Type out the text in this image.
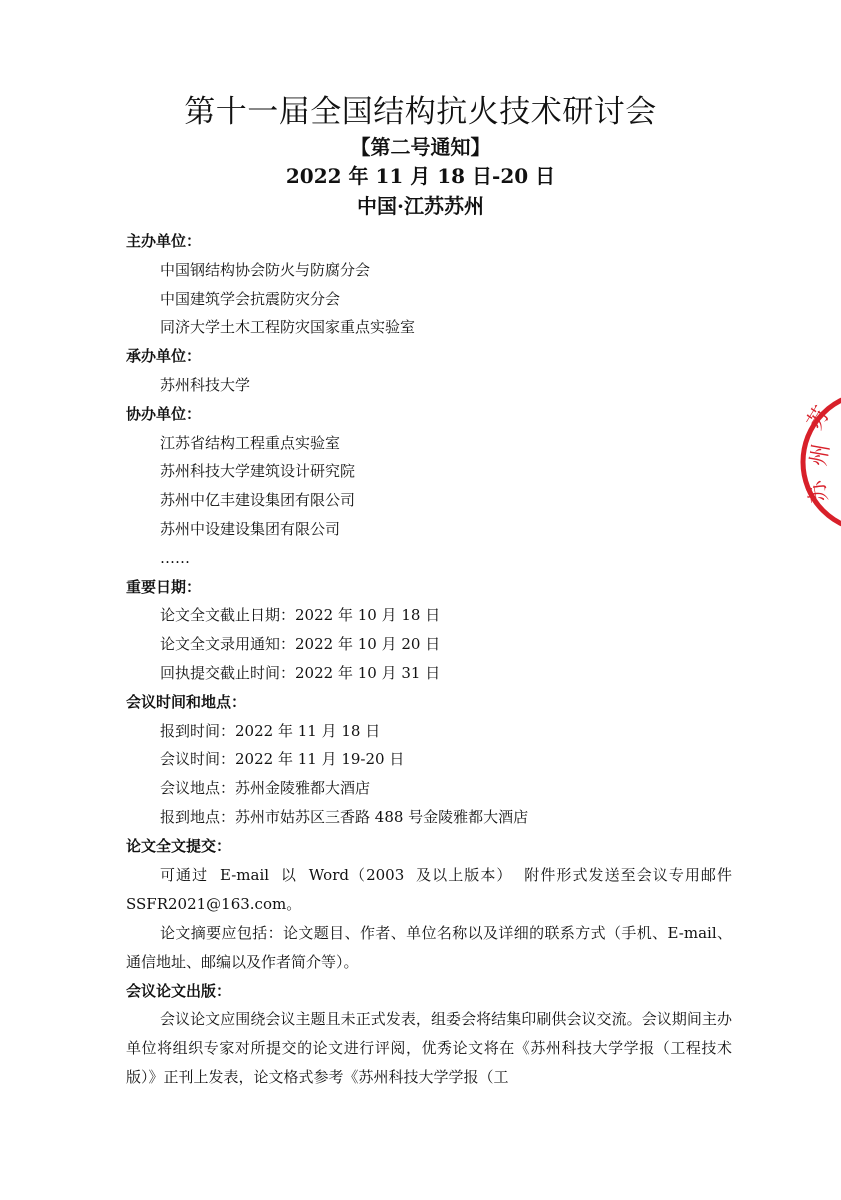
第十一届全国结构抗火技术研讨会
【第二号通知】
2022 年 11 月 18 日-20 日
中国·江苏苏州
主办单位：
中国钢结构协会防火与防腐分会
中国建筑学会抗震防灾分会
同济大学土木工程防灾国家重点实验室
承办单位：
苏州科技大学
协办单位：
江苏省结构工程重点实验室
苏州科技大学建筑设计研究院
苏州中亿丰建设集团有限公司
苏州中设建设集团有限公司
……
重要日期：
论文全文截止日期：2022 年 10 月 18 日
论文全文录用通知：2022 年 10 月 20 日
回执提交截止时间：2022 年 10 月 31 日
会议时间和地点：
报到时间：2022 年 11 月 18 日
会议时间：2022 年 11 月 19-20 日
会议地点：苏州金陵雅都大酒店
报到地点：苏州市姑苏区三香路 488 号金陵雅都大酒店
论文全文提交：
可通过 E-mail 以 Word（2003 及以上版本） 附件形式发送至会议专用邮件 SSFR2021@163.com。
论文摘要应包括：论文题目、作者、单位名称以及详细的联系方式（手机、E-mail、通信地址、邮编以及作者简介等）。
会议论文出版：
会议论文应围绕会议主题且未正式发表，组委会将结集印刷供会议交流。会议期间主办单位将组织专家对所提交的论文进行评阅，优秀论文将在《苏州科技大学学报（工程技术版）》正刊上发表，论文格式参考《苏州科技大学学报（工
苏
州
苏
